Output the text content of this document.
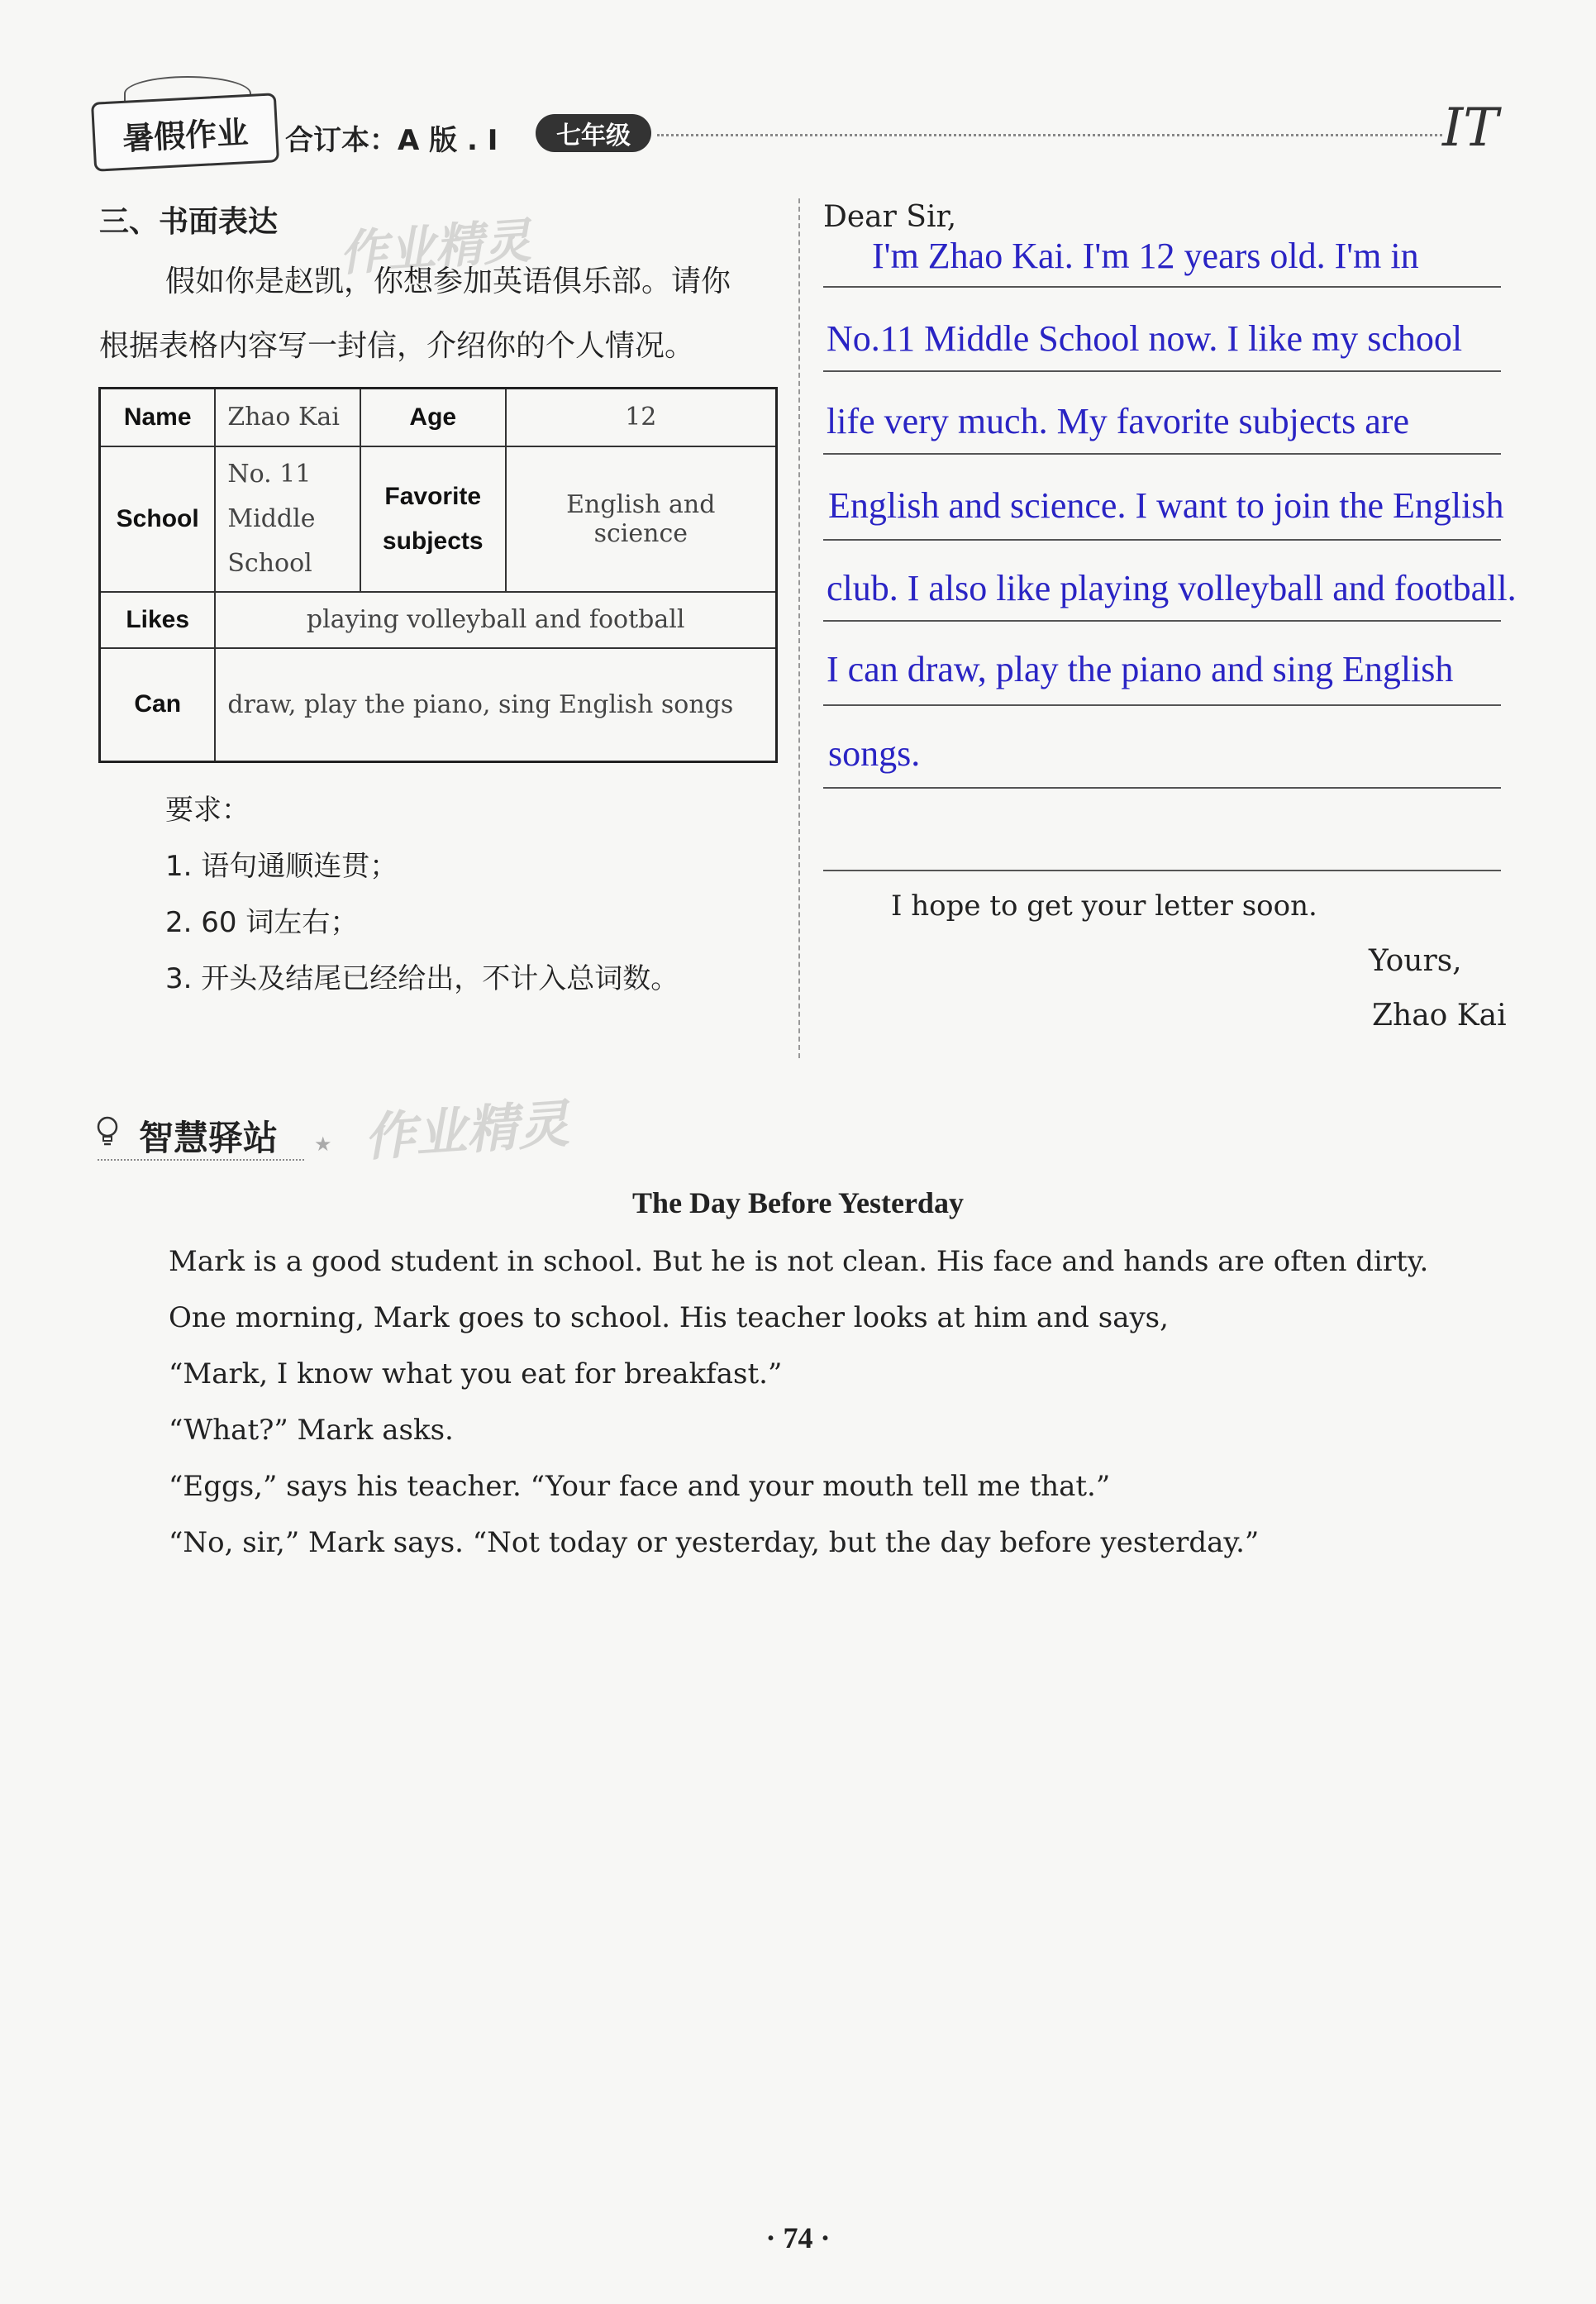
暑假作业 合订本：A 版 . I	七年级	IT
三、书面表达 作业精灵
假如你是赵凯，你想参加英语俱乐部。请你
根据表格内容写一封信，介绍你的个人情况。
Name	Zhao Kai	Age	12
School	No. 11 Middle School	Favorite subjects	English and science
Likes	playing volleyball and football		
Can	draw, play the piano, sing English songs		
要求：
1. 语句通顺连贯；
2. 60 词左右；
3. 开头及结尾已经给出，不计入总词数。
Dear Sir,
I'm Zhao Kai. I'm 12 years old. I'm in
No.11 Middle School now. I like my school
life very much. My favorite subjects are
English and science. I want to join the English
club. I also like playing volleyball and football.
I can draw, play the piano and sing English
songs.
I hope to get your letter soon.
Yours,
Zhao Kai
智慧驿站 ★ 作业精灵
The Day Before Yesterday
Mark is a good student in school. But he is not clean. His face and hands are often dirty.
One morning, Mark goes to school. His teacher looks at him and says,
“Mark, I know what you eat for breakfast.”
“What?” Mark asks.
“Eggs,” says his teacher. “Your face and your mouth tell me that.”
“No, sir,” Mark says. “Not today or yesterday, but the day before yesterday.”
· 74 ·
